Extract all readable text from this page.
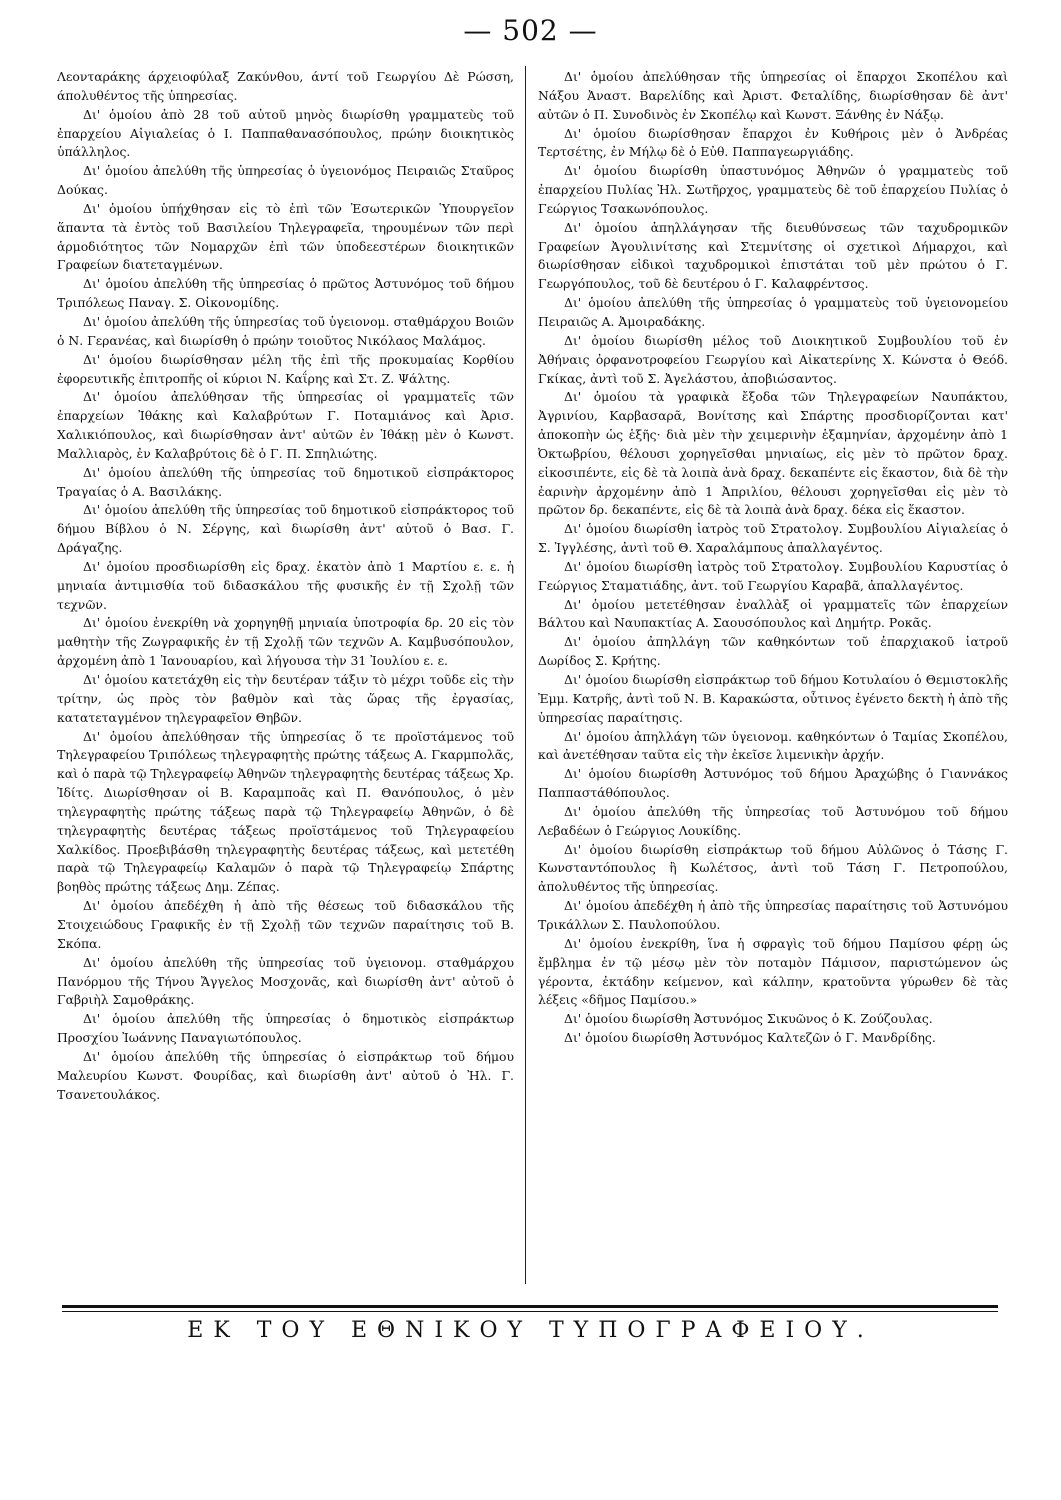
— 502 —

Λεονταράκης άρχειοφύλαξ Ζακύνθου, άντί τοῦ Γεωργίου Δὲ Ρώσση, άπολυθέντος τῆς ὑπηρεσίας.

Δι' ὁμοίου ἀπὸ 28 τοῦ αὐτοῦ μηνὸς διωρίσθη γραμματεὺς τοῦ ἐπαρχείου Αἰγιαλείας ὁ Ι. Παππαθανασόπουλος, πρώην διοικητικὸς ὑπάλληλος.

Δι' ὁμοίου ἀπελύθη τῆς ὑπηρεσίας ὁ ὑγειονόμος Πειραιῶς Σταῦρος Δούκας.

Δι' ὁμοίου ὑπήχθησαν εἰς τὸ ἐπὶ τῶν Ἐσωτερικῶν Ὑπουργεῖον ἅπαντα τὰ ἐντὸς τοῦ Βασιλείου Τηλεγραφεῖα, τηρουμένων τῶν περὶ ἁρμοδιότητος τῶν Νομαρχῶν ἐπὶ τῶν ὑποδεεστέρων διοικητικῶν Γραφείων διατεταγμένων.

Δι' ὁμοίου ἀπελύθη τῆς ὑπηρεσίας ὁ πρῶτος Ἀστυνόμος τοῦ δήμου Τριπόλεως Παναγ. Σ. Οἰκονομίδης.

Δι' ὁμοίου ἀπελύθη τῆς ὑπηρεσίας τοῦ ὑγειονομ. σταθμάρχου Βοιῶν ὁ Ν. Γερανέας, καὶ διωρίσθη ὁ πρώην τοιοῦτος Νικόλαος Μαλάμος.

Δι' ὁμοίου διωρίσθησαν μέλη τῆς ἐπὶ τῆς προκυμαίας Κορθίου ἐφορευτικῆς ἐπιτροπῆς οἱ κύριοι Ν. Καΐρης καὶ Στ. Ζ. Ψάλτης.

Δι' ὁμοίου ἀπελύθησαν τῆς ὑπηρεσίας οἱ γραμματεῖς τῶν ἐπαρχείων Ἰθάκης καὶ Καλαβρύτων Γ. Ποταμιάνος καὶ Ἀρισ. Χαλικιόπουλος, καὶ διωρίσθησαν ἀντ' αὐτῶν ἐν Ἰθάκῃ μὲν ὁ Κωνστ. Μαλλιαρὸς, ἐν Καλαβρύτοις δὲ ὁ Γ. Π. Σπηλιώτης.

Δι' ὁμοίου ἀπελύθη τῆς ὑπηρεσίας τοῦ δημοτικοῦ εἰσπράκτορος Τραγαίας ὁ Α. Βασιλάκης.

Δι' ὁμοίου ἀπελύθη τῆς ὑπηρεσίας τοῦ δημοτικοῦ εἰσπράκτορος τοῦ δήμου Βίβλου ὁ Ν. Σέργης, καὶ διωρίσθη ἀντ' αὐτοῦ ὁ Βασ. Γ. Δράγαζης.

Δι' ὁμοίου προσδιωρίσθη εἰς δραχ. ἑκατὸν ἀπὸ 1 Μαρτίου ε. ε. ἡ μηνιαία ἀντιμισθία τοῦ διδασκάλου τῆς φυσικῆς ἐν τῇ Σχολῇ τῶν τεχνῶν.

Δι' ὁμοίου ἐνεκρίθη νὰ χορηγηθῇ μηνιαία ὑποτροφία δρ. 20 εἰς τὸν μαθητὴν τῆς Ζωγραφικῆς ἐν τῇ Σχολῇ τῶν τεχνῶν Α. Καμβυσόπουλον, ἀρχομένη ἀπὸ 1 Ἰανουαρίου, καὶ λήγουσα τὴν 31 Ἰουλίου ε. ε.

Δι' ὁμοίου κατετάχθη εἰς τὴν δευτέραν τάξιν τὸ μέχρι τοῦδε εἰς τὴν τρίτην, ὡς πρὸς τὸν βαθμὸν καὶ τὰς ὥρας τῆς ἐργασίας, κατατεταγμένον τηλεγραφεῖον Θηβῶν.

Δι' ὁμοίου ἀπελύθησαν τῆς ὑπηρεσίας ὅ τε προϊστάμενος τοῦ Τηλεγραφείου Τριπόλεως τηλεγραφητὴς πρώτης τάξεως Α. Γκαρμπολᾶς, καὶ ὁ παρὰ τῷ Τηλεγραφείῳ Ἀθηνῶν τηλεγραφητὴς δευτέρας τάξεως Χρ. Ἰδίτς. Διωρίσθησαν οἱ Β. Καραμποᾶς καὶ Π. Θανόπουλος, ὁ μὲν τηλεγραφητὴς πρώτης τάξεως παρὰ τῷ Τηλεγραφείῳ Ἀθηνῶν, ὁ δὲ τηλεγραφητὴς δευτέρας τάξεως προϊστάμενος τοῦ Τηλεγραφείου Χαλκίδος. Προεβιβάσθη τηλεγραφητὴς δευτέρας τάξεως, καὶ μετετέθη παρὰ τῷ Τηλεγραφείῳ Καλαμῶν ὁ παρὰ τῷ Τηλεγραφείῳ Σπάρτης βοηθὸς πρώτης τάξεως Δημ. Ζέπας.

Δι' ὁμοίου ἀπεδέχθη ἡ ἀπὸ τῆς θέσεως τοῦ διδασκάλου τῆς Στοιχειώδους Γραφικῆς ἐν τῇ Σχολῇ τῶν τεχνῶν παραίτησις τοῦ Β. Σκόπα.

Δι' ὁμοίου ἀπελύθη τῆς ὑπηρεσίας τοῦ ὑγειονομ. σταθμάρχου Πανόρμου τῆς Τήνου Ἄγγελος Μοσχονᾶς, καὶ διωρίσθη ἀντ' αὐτοῦ ὁ Γαβριὴλ Σαμοθράκης.

Δι' ὁμοίου ἀπελύθη τῆς ὑπηρεσίας ὁ δημοτικὸς εἰσπράκτωρ Προσχίου Ἰωάννης Παναγιωτόπουλος.

Δι' ὁμοίου ἀπελύθη τῆς ὑπηρεσίας ὁ εἰσπράκτωρ τοῦ δήμου Μαλευρίου Κωνστ. Φουρίδας, καὶ διωρίσθη ἀντ' αὐτοῦ ὁ Ἠλ. Γ. Τσανετουλάκος.

Δι' ὁμοίου ἀπελύθησαν τῆς ὑπηρεσίας οἱ ἔπαρχοι Σκοπέλου καὶ Νάξου Ἀναστ. Βαρελίδης καὶ Ἀριστ. Φεταλίδης, διωρίσθησαν δὲ ἀντ' αὐτῶν ὁ Π. Συνοδινὸς ἐν Σκοπέλῳ καὶ Κωνστ. Ξάνθης ἐν Νάξῳ.

Δι' ὁμοίου διωρίσθησαν ἔπαρχοι ἐν Κυθήροις μὲν ὁ Ἀνδρέας Τερτσέτης, ἐν Μήλῳ δὲ ὁ Εὐθ. Παππαγεωργιάδης.

Δι' ὁμοίου διωρίσθη ὑπαστυνόμος Ἀθηνῶν ὁ γραμματεὺς τοῦ ἐπαρχείου Πυλίας Ἠλ. Σωτῆρχος, γραμματεὺς δὲ τοῦ ἐπαρχείου Πυλίας ὁ Γεώργιος Τσακωνόπουλος.

Δι' ὁμοίου ἀπηλλάγησαν τῆς διευθύνσεως τῶν ταχυδρομικῶν Γραφείων Ἀγουλινίτσης καὶ Στεμνίτσης οἱ σχετικοὶ Δήμαρχοι, καὶ διωρίσθησαν εἰδικοὶ ταχυδρομικοὶ ἐπιστάται τοῦ μὲν πρώτου ὁ Γ. Γεωργόπουλος, τοῦ δὲ δευτέρου ὁ Γ. Καλαφρέντσος.

Δι' ὁμοίου ἀπελύθη τῆς ὑπηρεσίας ὁ γραμματεὺς τοῦ ὑγειονομείου Πειραιῶς Α. Ἀμοιραδάκης.

Δι' ὁμοίου διωρίσθη μέλος τοῦ Διοικητικοῦ Συμβουλίου τοῦ ἐν Ἀθήναις ὀρφανοτροφείου Γεωργίου καὶ Αἰκατερίνης Χ. Κώνστα ὁ Θεόδ. Γκίκας, ἀντὶ τοῦ Σ. Ἀγελάστου, ἀποβιώσαντος.

Δι' ὁμοίου τὰ γραφικὰ ἔξοδα τῶν Τηλεγραφείων Ναυπάκτου, Ἀγρινίου, Καρβασαρᾶ, Βονίτσης καὶ Σπάρτης προσδιορίζονται κατ' ἀποκοπὴν ὡς ἑξῆς· διὰ μὲν τὴν χειμερινὴν ἑξαμηνίαν, ἀρχομένην ἀπὸ 1 Ὀκτωβρίου, θέλουσι χορηγεῖσθαι μηνιαίως, εἰς μὲν τὸ πρῶτον δραχ. εἰκοσιπέντε, εἰς δὲ τὰ λοιπὰ ἀνὰ δραχ. δεκαπέντε εἰς ἕκαστον, διὰ δὲ τὴν ἐαρινὴν ἀρχομένην ἀπὸ 1 Ἀπριλίου, θέλουσι χορηγεῖσθαι εἰς μὲν τὸ πρῶτον δρ. δεκαπέντε, εἰς δὲ τὰ λοιπὰ ἀνὰ δραχ. δέκα εἰς ἕκαστον.

Δι' ὁμοίου διωρίσθη ἰατρὸς τοῦ Στρατολογ. Συμβουλίου Αἰγιαλείας ὁ Σ. Ἰγγλέσης, ἀντὶ τοῦ Θ. Χαραλάμπους ἀπαλλαγέντος.

Δι' ὁμοίου διωρίσθη ἰατρὸς τοῦ Στρατολογ. Συμβουλίου Καρυστίας ὁ Γεώργιος Σταματιάδης, ἀντ. τοῦ Γεωργίου Καραβᾶ, ἀπαλλαγέντος.

Δι' ὁμοίου μετετέθησαν ἐναλλὰξ οἱ γραμματεῖς τῶν ἐπαρχείων Βάλτου καὶ Ναυπακτίας Α. Σαουσόπουλος καὶ Δημήτρ. Ροκᾶς.

Δι' ὁμοίου ἀπηλλάγη τῶν καθηκόντων τοῦ ἐπαρχιακοῦ ἰατροῦ Δωρίδος Σ. Κρήτης.

Δι' ὁμοίου διωρίσθη εἰσπράκτωρ τοῦ δήμου Κοτυλαίου ὁ Θεμιστοκλῆς Ἐμμ. Κατρῆς, ἀντὶ τοῦ Ν. Β. Καρακώστα, οὗτινος ἐγένετο δεκτὴ ἡ ἀπὸ τῆς ὑπηρεσίας παραίτησις.

Δι' ὁμοίου ἀπηλλάγη τῶν ὑγειονομ. καθηκόντων ὁ Ταμίας Σκοπέλου, καὶ ἀνετέθησαν ταῦτα εἰς τὴν ἐκεῖσε λιμενικὴν ἀρχήν.

Δι' ὁμοίου διωρίσθη Ἀστυνόμος τοῦ δήμου Ἀραχώβης ὁ Γιαννάκος Παππαστάθόπουλος.

Δι' ὁμοίου ἀπελύθη τῆς ὑπηρεσίας τοῦ Ἀστυνόμου τοῦ δήμου Λεβαδέων ὁ Γεώργιος Λουκίδης.

Δι' ὁμοίου διωρίσθη εἰσπράκτωρ τοῦ δήμου Αὐλῶνος ὁ Τάσης Γ. Κωνσταντόπουλος ἢ Κωλέτσος, ἀντὶ τοῦ Τάση Γ. Πετροπούλου, ἀπολυθέντος τῆς ὑπηρεσίας.

Δι' ὁμοίου ἀπεδέχθη ἡ ἀπὸ τῆς ὑπηρεσίας παραίτησις τοῦ Ἀστυνόμου Τρικάλλων Σ. Παυλοπούλου.

Δι' ὁμοίου ἐνεκρίθη, ἵνα ἡ σφραγὶς τοῦ δήμου Παμίσου φέρῃ ὡς ἔμβλημα ἐν τῷ μέσῳ μὲν τὸν ποταμὸν Πάμισον, παριστώμενον ὡς γέροντα, ἐκτάδην κείμενον, καὶ κάλπην, κρατοῦντα γύρωθεν δὲ τὰς λέξεις «δῆμος Παμίσου.»

Δι' ὁμοίου διωρίσθη Ἀστυνόμος Σικυῶνος ὁ Κ. Ζούζουλας.

Δι' ὁμοίου διωρίσθη Ἀστυνόμος Καλτεζῶν ὁ Γ. Μανδρίδης.

ΕΚ ΤΟΥ ΕΘΝΙΚΟΥ ΤΥΠΟΓΡΑΦΕΙΟΥ.
